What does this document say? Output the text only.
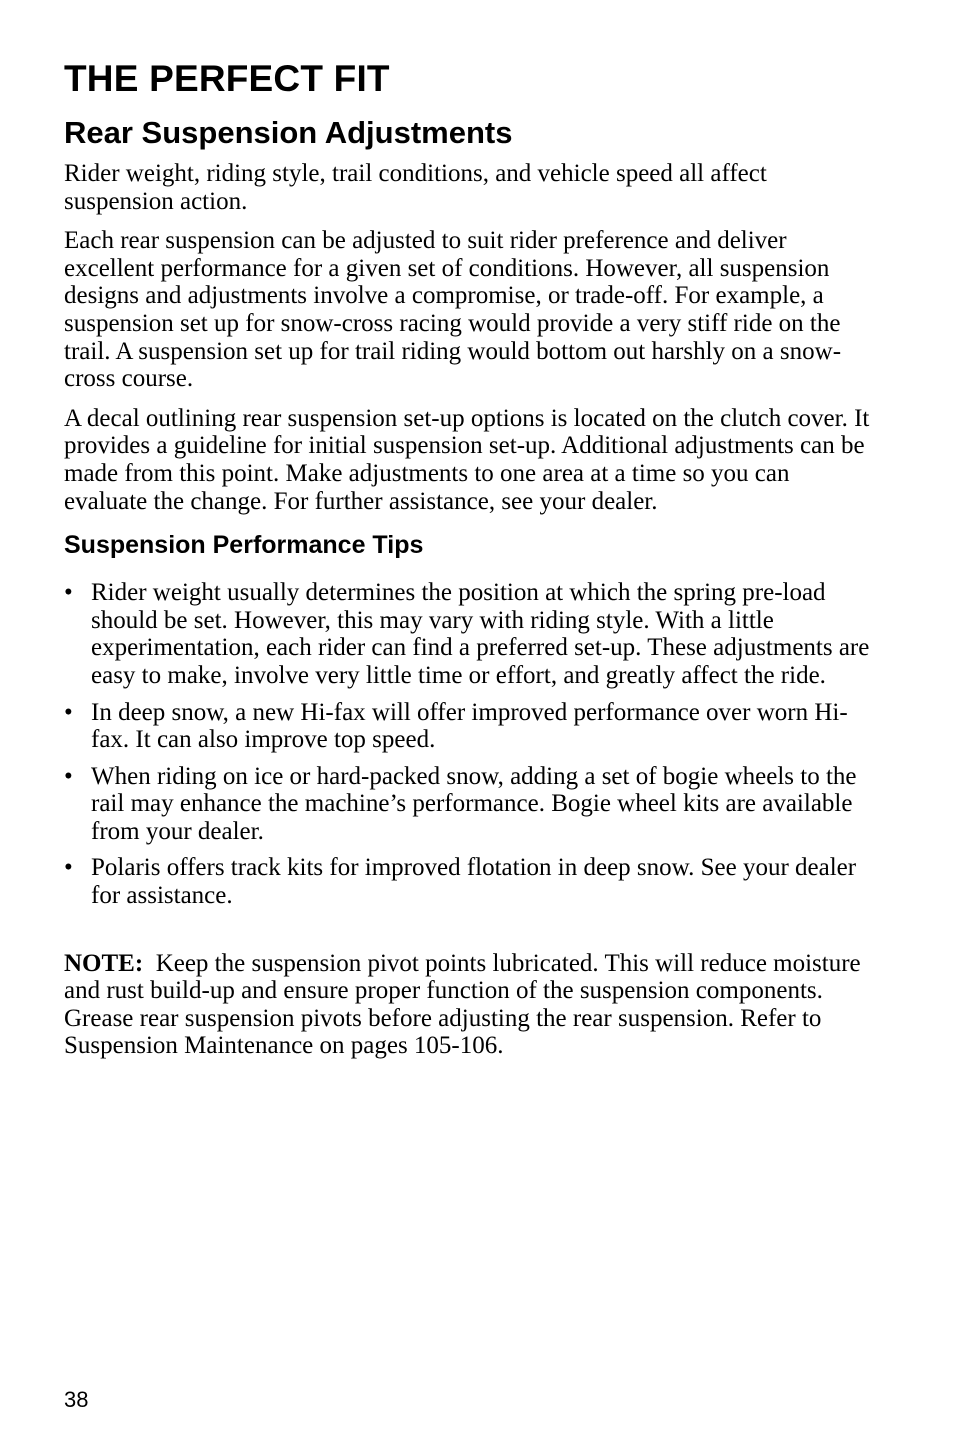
THE PERFECT FIT
Rear Suspension Adjustments

Rider weight, riding style, trail conditions, and vehicle speed all affect suspension action.

Each rear suspension can be adjusted to suit rider preference and deliver excellent performance for a given set of conditions. However, all suspension designs and adjustments involve a compromise, or trade-off. For example, a suspension set up for snow-cross racing would provide a very stiff ride on the trail. A suspension set up for trail riding would bottom out harshly on a snow-cross course.

A decal outlining rear suspension set-up options is located on the clutch cover. It provides a guideline for initial suspension set-up. Additional adjustments can be made from this point. Make adjustments to one area at a time so you can evaluate the change. For further assistance, see your dealer.

Suspension Performance Tips
• Rider weight usually determines the position at which the spring pre-load should be set. However, this may vary with riding style. With a little experimentation, each rider can find a preferred set-up. These adjustments are easy to make, involve very little time or effort, and greatly affect the ride.
• In deep snow, a new Hi-fax will offer improved performance over worn Hi-fax. It can also improve top speed.
• When riding on ice or hard-packed snow, adding a set of bogie wheels to the rail may enhance the machine’s performance. Bogie wheel kits are available from your dealer.
• Polaris offers track kits for improved flotation in deep snow. See your dealer for assistance.

NOTE: Keep the suspension pivot points lubricated. This will reduce moisture and rust build-up and ensure proper function of the suspension components. Grease rear suspension pivots before adjusting the rear suspension. Refer to Suspension Maintenance on pages 105-106.

38
